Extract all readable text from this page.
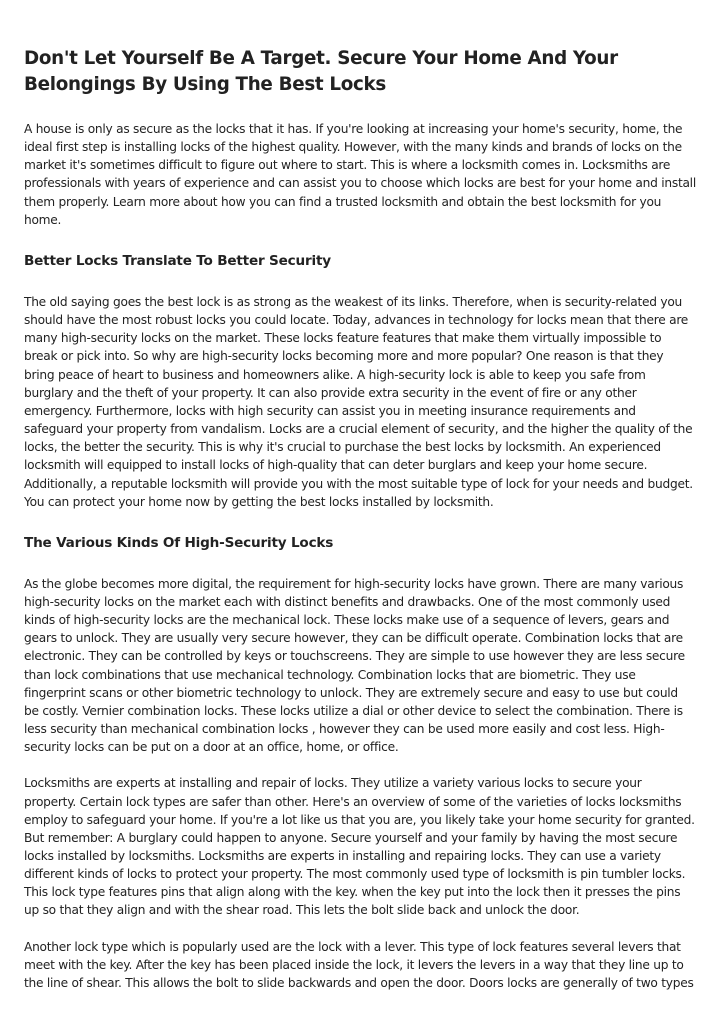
Don't Let Yourself Be A Target. Secure Your Home And Your Belongings By Using The Best Locks

A house is only as secure as the locks that it has. If you're looking at increasing your home's security, home, the ideal first step is installing locks of the highest quality. However, with the many kinds and brands of locks on the market it's sometimes difficult to figure out where to start. This is where a locksmith comes in. Locksmiths are professionals with years of experience and can assist you to choose which locks are best for your home and install them properly. Learn more about how you can find a trusted locksmith and obtain the best locksmith for you home.

Better Locks Translate To Better Security

The old saying goes the best lock is as strong as the weakest of its links. Therefore, when is security-related you should have the most robust locks you could locate. Today, advances in technology for locks mean that there are many high-security locks on the market. These locks feature features that make them virtually impossible to break or pick into. So why are high-security locks becoming more and more popular? One reason is that they bring peace of heart to business and homeowners alike. A high-security lock is able to keep you safe from burglary and the theft of your property. It can also provide extra security in the event of fire or any other emergency. Furthermore, locks with high security can assist you in meeting insurance requirements and safeguard your property from vandalism. Locks are a crucial element of security, and the higher the quality of the locks, the better the security. This is why it's crucial to purchase the best locks by locksmith. An experienced locksmith will equipped to install locks of high-quality that can deter burglars and keep your home secure. Additionally, a reputable locksmith will provide you with the most suitable type of lock for your needs and budget. You can protect your home now by getting the best locks installed by locksmith.

The Various Kinds Of High-Security Locks

As the globe becomes more digital, the requirement for high-security locks have grown. There are many various high-security locks on the market each with distinct benefits and drawbacks. One of the most commonly used kinds of high-security locks are the mechanical lock. These locks make use of a sequence of levers, gears and gears to unlock. They are usually very secure however, they can be difficult operate. Combination locks that are electronic. They can be controlled by keys or touchscreens. They are simple to use however they are less secure than lock combinations that use mechanical technology. Combination locks that are biometric. They use fingerprint scans or other biometric technology to unlock. They are extremely secure and easy to use but could be costly. Vernier combination locks. These locks utilize a dial or other device to select the combination. There is less security than mechanical combination locks , however they can be used more easily and cost less. High-security locks can be put on a door at an office, home, or office.

Locksmiths are experts at installing and repair of locks. They utilize a variety various locks to secure your property. Certain lock types are safer than other. Here's an overview of some of the varieties of locks locksmiths employ to safeguard your home. If you're a lot like us that you are, you likely take your home security for granted. But remember: A burglary could happen to anyone. Secure yourself and your family by having the most secure locks installed by locksmiths. Locksmiths are experts in installing and repairing locks. They can use a variety different kinds of locks to protect your property. The most commonly used type of locksmith is pin tumbler locks. This lock type features pins that align along with the key. when the key put into the lock then it presses the pins up so that they align and with the shear road. This lets the bolt slide back and unlock the door.

Another lock type which is popularly used are the lock with a lever. This type of lock features several levers that meet with the key. After the key has been placed inside the lock, it levers the levers in a way that they line up to the line of shear. This allows the bolt to slide backwards and open the door. Doors locks are generally of two types
